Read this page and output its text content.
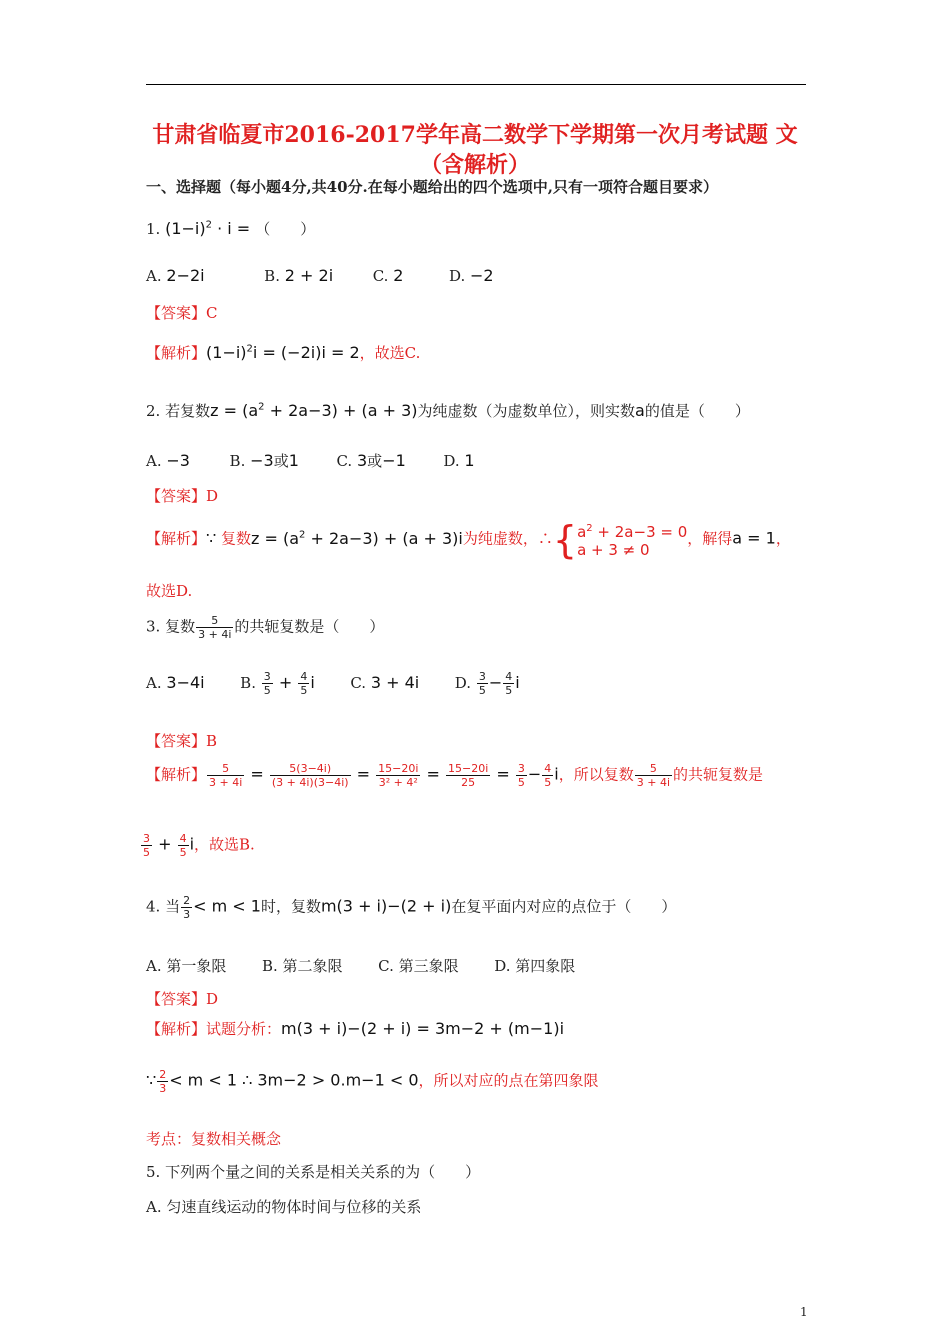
甘肃省临夏市2016-2017学年高二数学下学期第一次月考试题 文
（含解析）
一、选择题（每小题4分,共40分.在每小题给出的四个选项中,只有一项符合题目要求）
1. $(1-i)^2 \cdot i$ = （　　）
A. 2−2i	B. 2 + 2i	C. 2	D. −2
【答案】C
【解析】$(1-i)^2i = (-2i)i = 2$，故选C.
2. 若复数$z = (a^2 + 2a-3) + (a + 3)$为纯虚数（为虚数单位），则实数a的值是（　　）
A. −3	B. −3或1	C. 3或−1	D. 1
【答案】D
【解析】∵ 复数$z = (a^2 + 2a-3) + (a + 3)i$为纯虚数，$\therefore\{a^2 + 2a-3 = 0$
a + 3 ≠ 0，解得a = 1，
故选D.
3. 复数 $\frac{5}{3 + 4i}$ 的共轭复数是（　　）
A. 3−4i B. $\frac{3}{5} + \frac{4}{5}$ i C. 3 + 4i D. $\frac{3}{5} - \frac{4}{5}$ i
【答案】B
【解析】 $\frac{5}{3 + 4i} = \frac{5(3-4i)}{(3 + 4i)(3-4i)} = \frac{15-20i}{\text{3² + 4²}} = \frac{15-20i}{25} = \frac{3}{5} - \frac{4}{5}$ i，所以复数 $\frac{5}{3 + 4i}$ 的共轭复数是
$\frac{3}{5} + \frac{4}{5}$ i，故选B.
4. 当 $\frac{2}{3} < m < 1$时，复数m(3 + i)−(2 + i)在复平面内对应的点位于（　　）
A. 第一象限 B. 第二象限 C. 第三象限 D. 第四象限
【答案】D
【解析】试题分析：m(3 + i)−(2 + i) = 3m−2 + (m−1)i
∵ $\frac{2}{3} < m < 1$ ∴ 3m−2 > 0.m−1 < 0，所以对应的点在第四象限
考点：复数相关概念
5. 下列两个量之间的关系是相关关系的为（　　）
A. 匀速直线运动的物体时间与位移的关系
1
